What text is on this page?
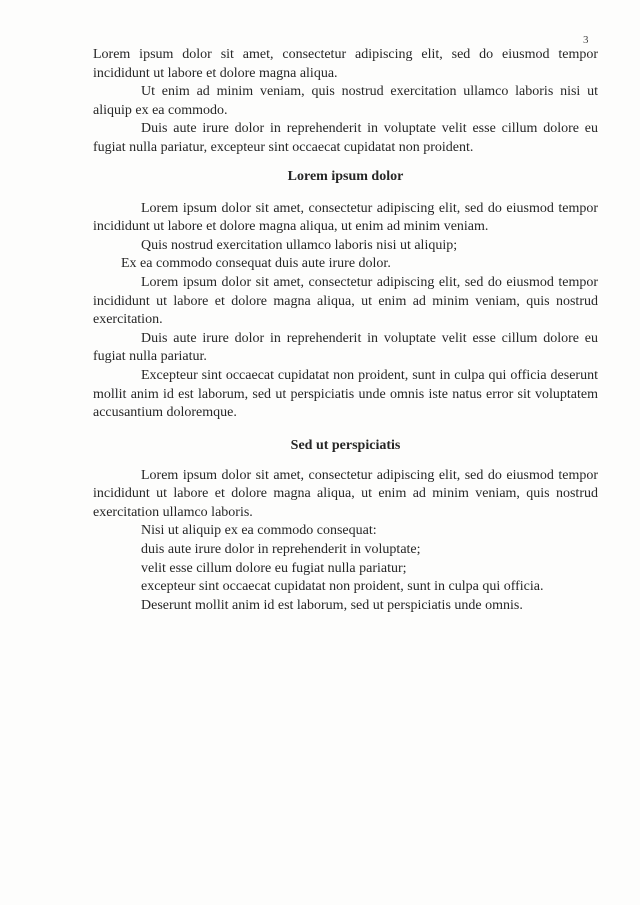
3

Lorem ipsum dolor sit amet, consectetur adipiscing elit, sed do eiusmod tempor incididunt ut labore et dolore magna aliqua.

Ut enim ad minim veniam, quis nostrud exercitation ullamco laboris nisi ut aliquip ex ea commodo.

Duis aute irure dolor in reprehenderit in voluptate velit esse cillum dolore eu fugiat nulla pariatur, excepteur sint occaecat cupidatat non proident.

Lorem ipsum dolor

Lorem ipsum dolor sit amet, consectetur adipiscing elit, sed do eiusmod tempor incididunt ut labore et dolore magna aliqua, ut enim ad minim veniam.

Quis nostrud exercitation ullamco laboris nisi ut aliquip;

Ex ea commodo consequat duis aute irure dolor.

Lorem ipsum dolor sit amet, consectetur adipiscing elit, sed do eiusmod tempor incididunt ut labore et dolore magna aliqua, ut enim ad minim veniam, quis nostrud exercitation.

Duis aute irure dolor in reprehenderit in voluptate velit esse cillum dolore eu fugiat nulla pariatur.

Excepteur sint occaecat cupidatat non proident, sunt in culpa qui officia deserunt mollit anim id est laborum, sed ut perspiciatis unde omnis iste natus error sit voluptatem accusantium doloremque.

Sed ut perspiciatis

Lorem ipsum dolor sit amet, consectetur adipiscing elit, sed do eiusmod tempor incididunt ut labore et dolore magna aliqua, ut enim ad minim veniam, quis nostrud exercitation ullamco laboris.

Nisi ut aliquip ex ea commodo consequat:

duis aute irure dolor in reprehenderit in voluptate;

velit esse cillum dolore eu fugiat nulla pariatur;

excepteur sint occaecat cupidatat non proident, sunt in culpa qui officia.

Deserunt mollit anim id est laborum, sed ut perspiciatis unde omnis.
